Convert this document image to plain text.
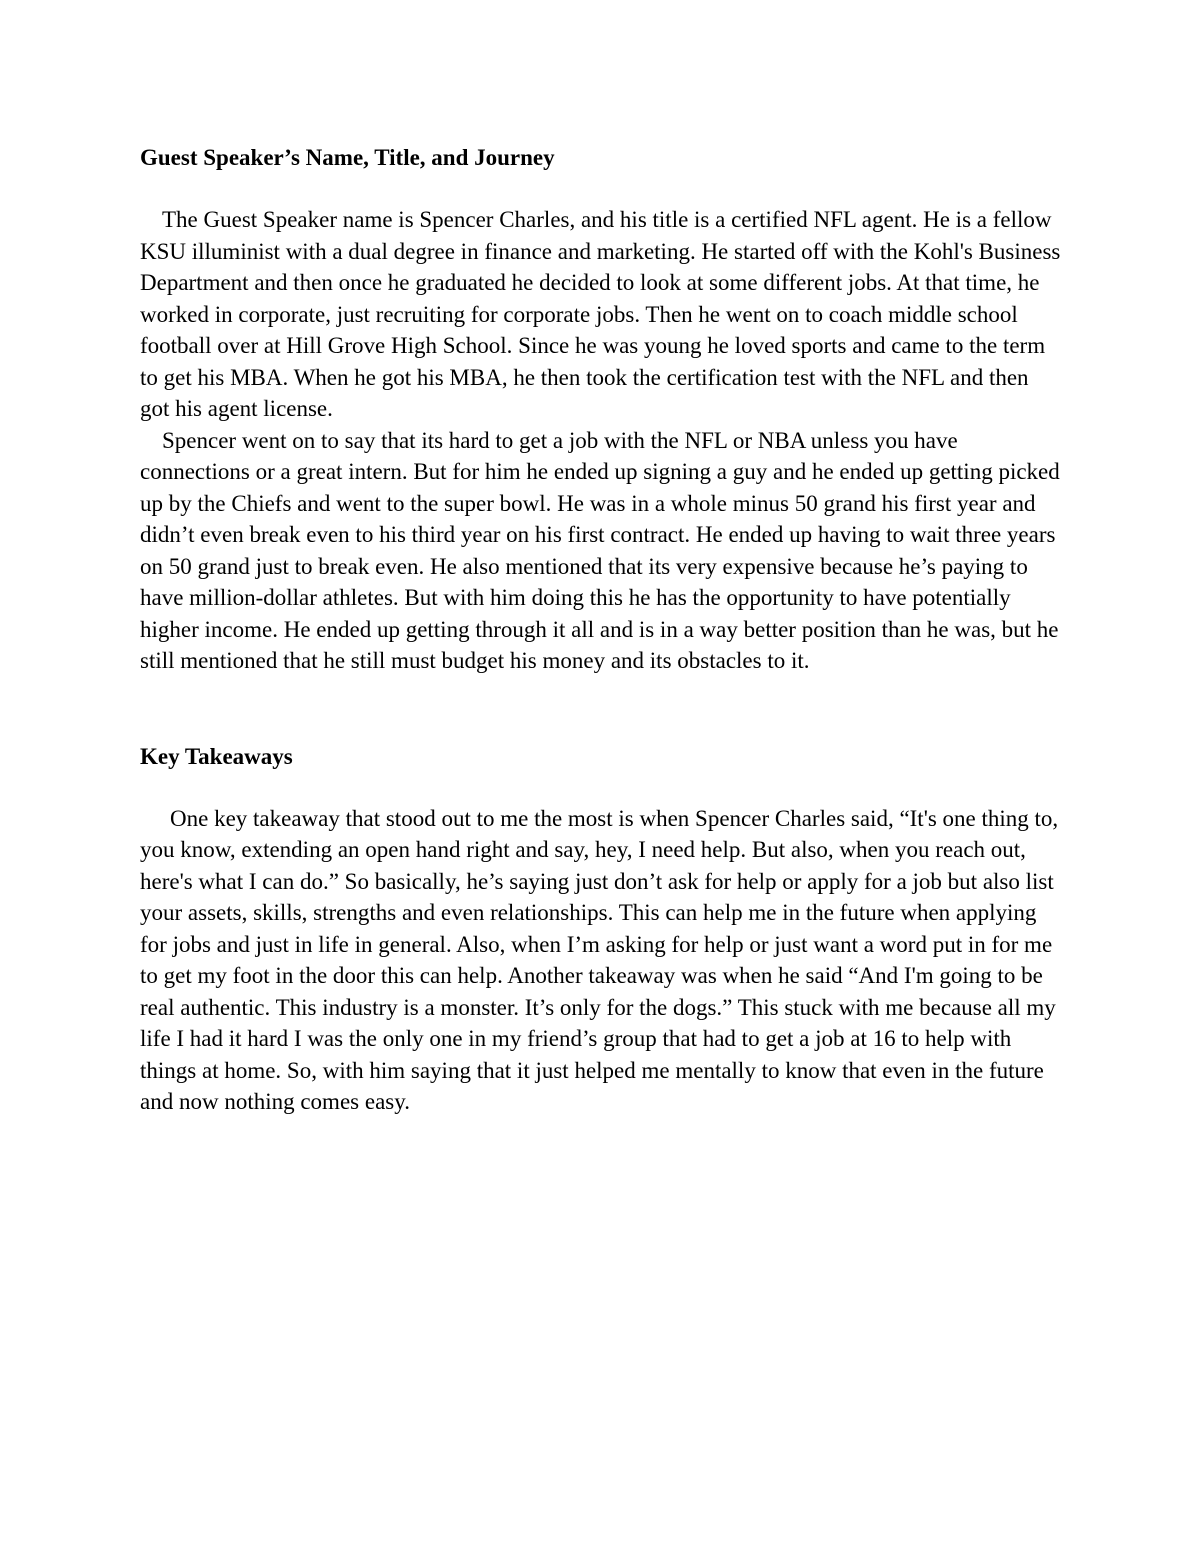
Guest Speaker’s Name, Title, and Journey

The Guest Speaker name is Spencer Charles, and his title is a certified NFL agent. He is a fellow KSU illuminist with a dual degree in finance and marketing. He started off with the Kohl's Business Department and then once he graduated he decided to look at some different jobs. At that time, he worked in corporate, just recruiting for corporate jobs. Then he went on to coach middle school football over at Hill Grove High School. Since he was young he loved sports and came to the term to get his MBA. When he got his MBA, he then took the certification test with the NFL and then got his agent license.

Spencer went on to say that its hard to get a job with the NFL or NBA unless you have connections or a great intern. But for him he ended up signing a guy and he ended up getting picked up by the Chiefs and went to the super bowl. He was in a whole minus 50 grand his first year and didn’t even break even to his third year on his first contract. He ended up having to wait three years on 50 grand just to break even. He also mentioned that its very expensive because he’s paying to have million-dollar athletes. But with him doing this he has the opportunity to have potentially higher income. He ended up getting through it all and is in a way better position than he was, but he still mentioned that he still must budget his money and its obstacles to it.

Key Takeaways

One key takeaway that stood out to me the most is when Spencer Charles said, “It's one thing to, you know, extending an open hand right and say, hey, I need help. But also, when you reach out, here's what I can do.” So basically, he’s saying just don’t ask for help or apply for a job but also list your assets, skills, strengths and even relationships. This can help me in the future when applying for jobs and just in life in general. Also, when I’m asking for help or just want a word put in for me to get my foot in the door this can help. Another takeaway was when he said “And I'm going to be real authentic. This industry is a monster. It’s only for the dogs.” This stuck with me because all my life I had it hard I was the only one in my friend’s group that had to get a job at 16 to help with things at home. So, with him saying that it just helped me mentally to know that even in the future and now nothing comes easy.
